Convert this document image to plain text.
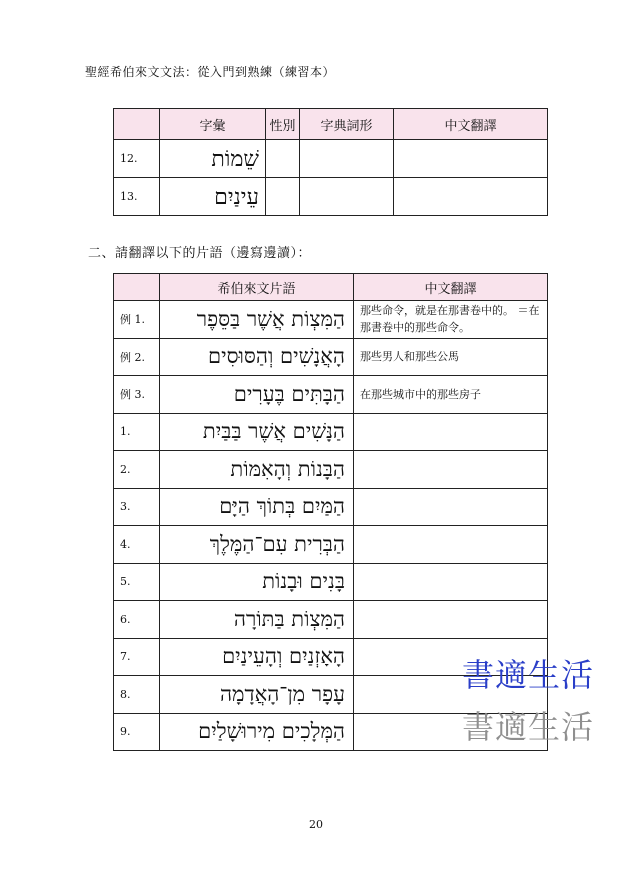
聖經希伯來文文法：從入門到熟練（練習本）
	字彙	性別	字典詞形	中文翻譯
12.	שֵׁמוֹת			
13.	עֵינַיִם			
二、請翻譯以下的片語（邊寫邊讀）：
	希伯來文片語	中文翻譯
例 1.	הַמִּצְוֹת אֲשֶׁר בַּסֵּפֶר	那些命令，就是在那書卷中的。 ＝在那書卷中的那些命令。
例 2.	הָאֲנָשִׁים וְהַסּוּסִים	那些男人和那些公馬
例 3.	הַבָּתִּים בֶּעָרִים	在那些城市中的那些房子
1.	הַנָּשִׁים אֲשֶׁר בַּבַּיִת	
2.	הַבָּנוֹת וְהָאִמּוֹת	
3.	הַמַּיִם בְּתוֹךְ הַיָּם	
4.	הַבְּרִית עִם־הַמֶּלֶךְ	
5.	בָּנִים וּבָנוֹת	
6.	הַמִּצְוֹת בַּתּוֹרָה	
7.	הָאָזְנַיִם וְהָעֵינַיִם	
8.	עָפָר מִן־הָאֲדָמָה	
9.	הַמְּלָכִים מִירוּשָׁלַיִם	
20
書適生活
書適生活
